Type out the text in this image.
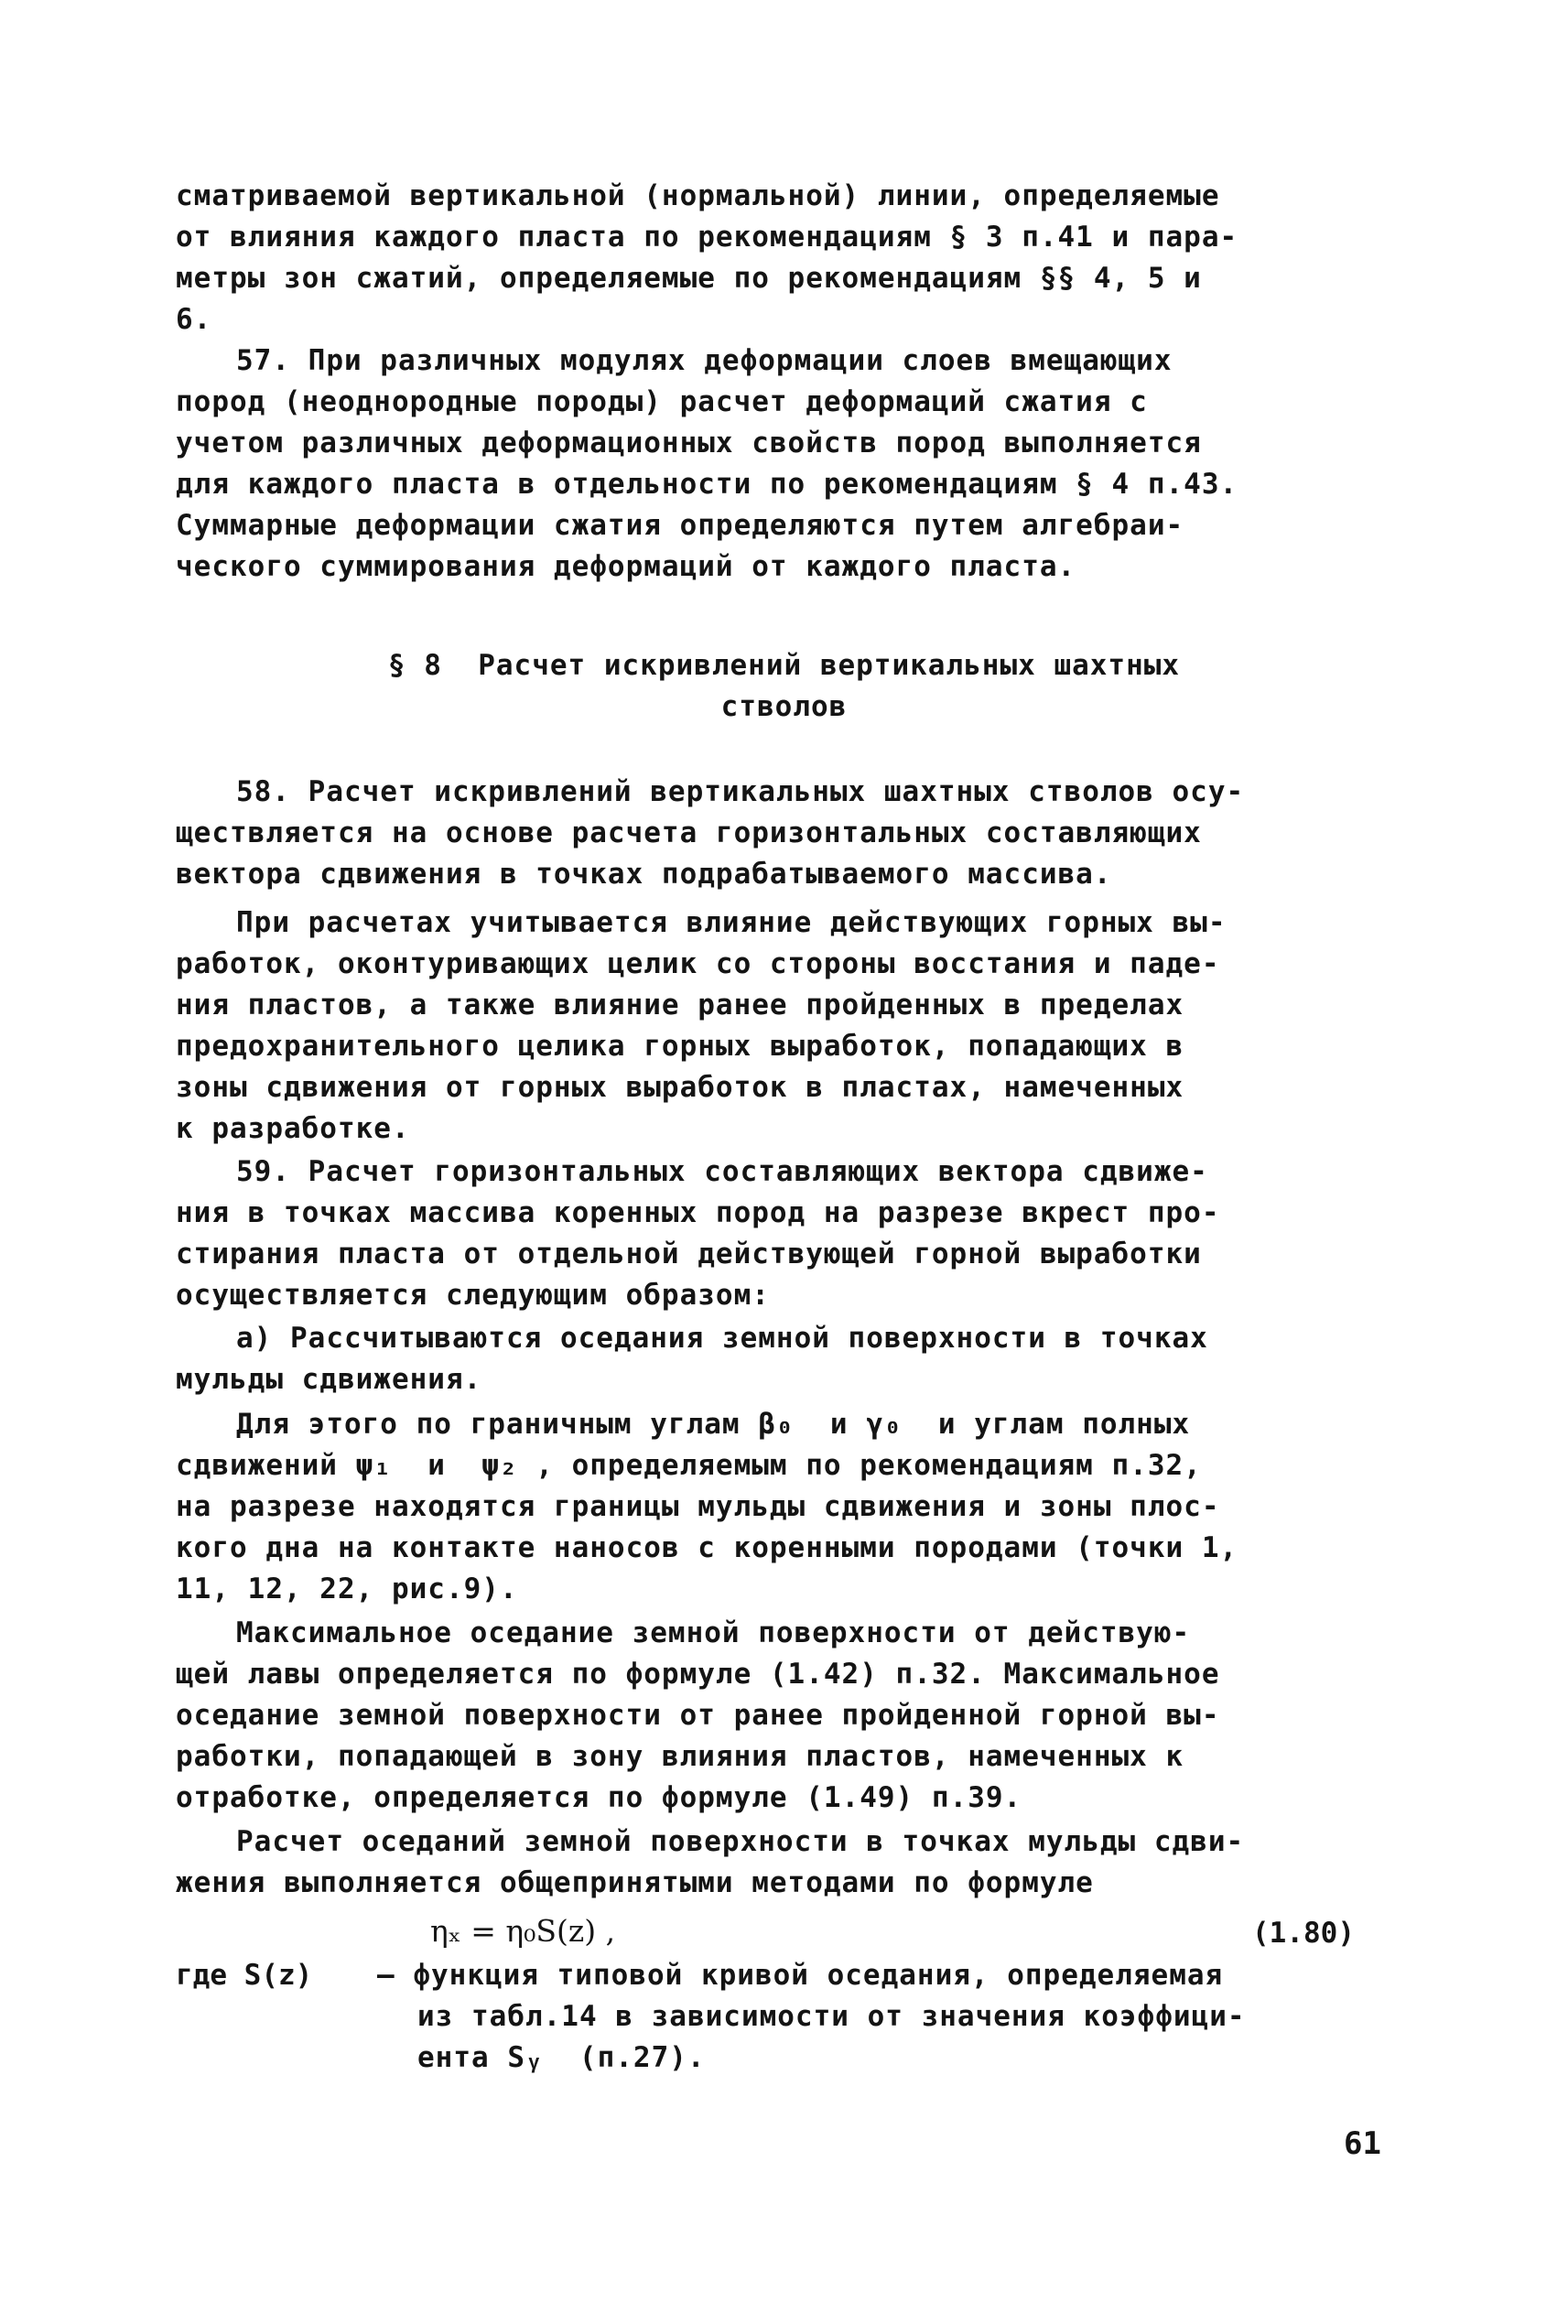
сматриваемой вертикальной (нормальной) линии, определяемые

от влияния каждого пласта по рекомендациям § 3 п.41 и пара-

метры зон сжатий, определяемые по рекомендациям §§ 4, 5 и

6.

57. При различных модулях деформации слоев вмещающих

пород (неоднородные породы) расчет деформаций сжатия с

учетом различных деформационных свойств пород выполняется

для каждого пласта в отдельности по рекомендациям § 4 п.43.

Суммарные деформации сжатия определяются путем алгебраи-

ческого суммирования деформаций от каждого пласта.

§ 8  Расчет искривлений вертикальных шахтных

стволов

58. Расчет искривлений вертикальных шахтных стволов осу-

ществляется на основе расчета горизонтальных составляющих

вектора сдвижения в точках подрабатываемого массива.

При расчетах учитывается влияние действующих горных вы-

работок, оконтуривающих целик со стороны восстания и паде-

ния пластов, а также влияние ранее пройденных в пределах

предохранительного целика горных выработок, попадающих в

зоны сдвижения от горных выработок в пластах, намеченных

к разработке.

59. Расчет горизонтальных составляющих вектора сдвиже-

ния в точках массива коренных пород на разрезе вкрест про-

стирания пласта от отдельной действующей горной выработки

осуществляется следующим образом:

а) Рассчитываются оседания земной поверхности в точках

мульды сдвижения.

Для этого по граничным углам β₀  и γ₀  и углам полных

сдвижений ψ₁  и  ψ₂ , определяемым по рекомендациям п.32,

на разрезе находятся границы мульды сдвижения и зоны плос-

кого дна на контакте наносов с коренными породами (точки 1,

11, 12, 22, рис.9).

Максимальное оседание земной поверхности от действую-

щей лавы определяется по формуле (1.42) п.32. Максимальное

оседание земной поверхности от ранее пройденной горной вы-

работки, попадающей в зону влияния пластов, намеченных к

отработке, определяется по формуле (1.49) п.39.

Расчет оседаний земной поверхности в точках мульды сдви-

жения выполняется общепринятыми методами по формуле

ηₓ = η₀S(z) ,	(1.80)

где S(z) – функция типовой кривой оседания, определяемая

из табл.14 в зависимости от значения коэффици-

ента Sᵧ  (п.27).

61
